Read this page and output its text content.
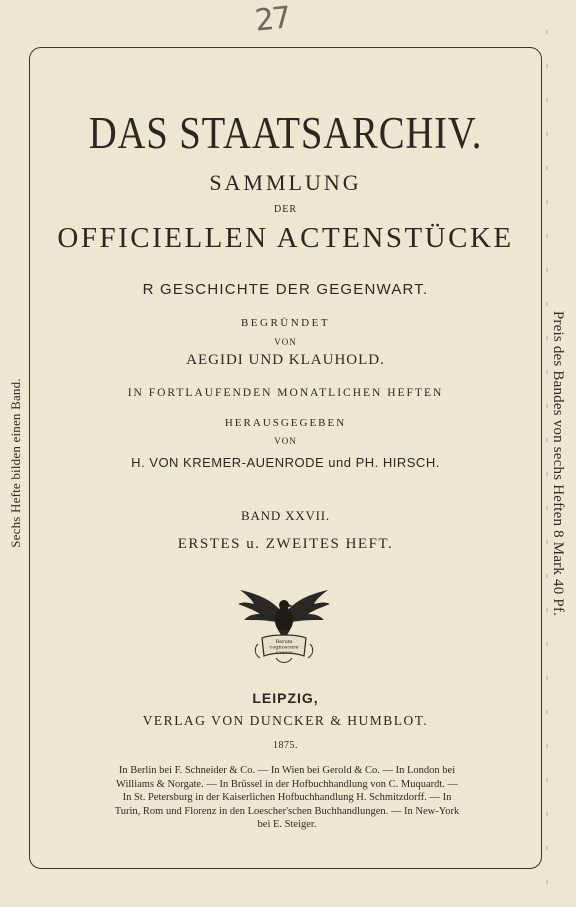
27
Sechs Hefte bilden einen Band.	Preis des Bandes von sechs Heften 8 Mark 40 Pf.
DAS STAATSARCHIV.
SAMMLUNG
DER
OFFICIELLEN ACTENSTÜCKE
R GESCHICHTE DER GEGENWART.
BEGRÜNDET
VON
AEGIDI UND KLAUHOLD.
IN FORTLAUFENDEN MONATLICHEN HEFTEN
HERAUSGEGEBEN
VON
H. VON KREMER-AUENRODE und PH. HIRSCH.
BAND XXVII.
ERSTES u. ZWEITES HEFT.
Rerum
cognoscere
causas
LEIPZIG,
VERLAG VON DUNCKER & HUMBLOT.
1875.
In Berlin bei F. Schneider & Co. — In Wien bei Gerold & Co. — In London bei
Williams & Norgate. — In Brüssel in der Hofbuchhandlung von C. Muquardt. —
In St. Petersburg in der Kaiserlichen Hofbuchhandlung H. Schmitzdorff. — In
Turin, Rom und Florenz in den Loescher'schen Buchhandlungen. — In New-York
bei E. Steiger.
